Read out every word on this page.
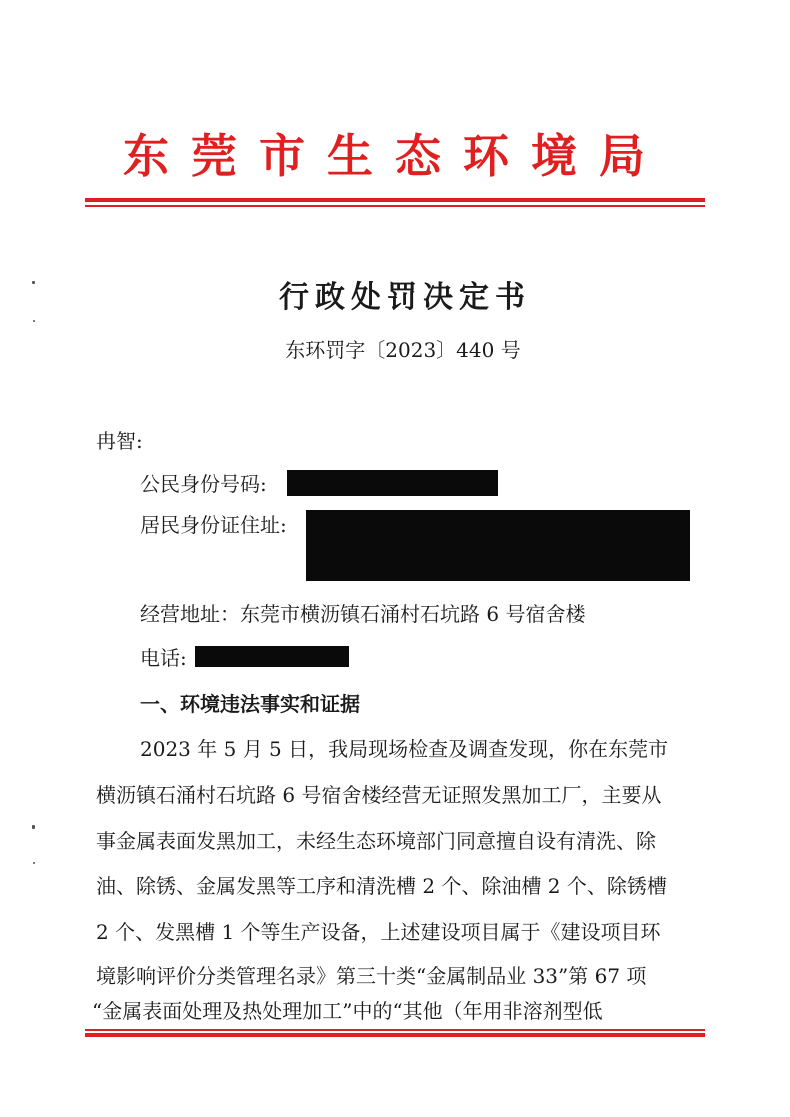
东莞市生态环境局
行政处罚决定书
东环罚字〔2023〕440 号
冉智:
公民身份号码:
居民身份证住址:
经营地址：东莞市横沥镇石涌村石坑路 6 号宿舍楼
电话:
一、环境违法事实和证据
2023 年 5 月 5 日，我局现场检查及调查发现，你在东莞市
横沥镇石涌村石坑路 6 号宿舍楼经营无证照发黑加工厂，主要从
事金属表面发黑加工，未经生态环境部门同意擅自设有清洗、除
油、除锈、金属发黑等工序和清洗槽 2 个、除油槽 2 个、除锈槽
2 个、发黑槽 1 个等生产设备，上述建设项目属于《建设项目环
境影响评价分类管理名录》第三十类“金属制品业 33”第 67 项
“金属表面处理及热处理加工”中的“其他（年用非溶剂型低
